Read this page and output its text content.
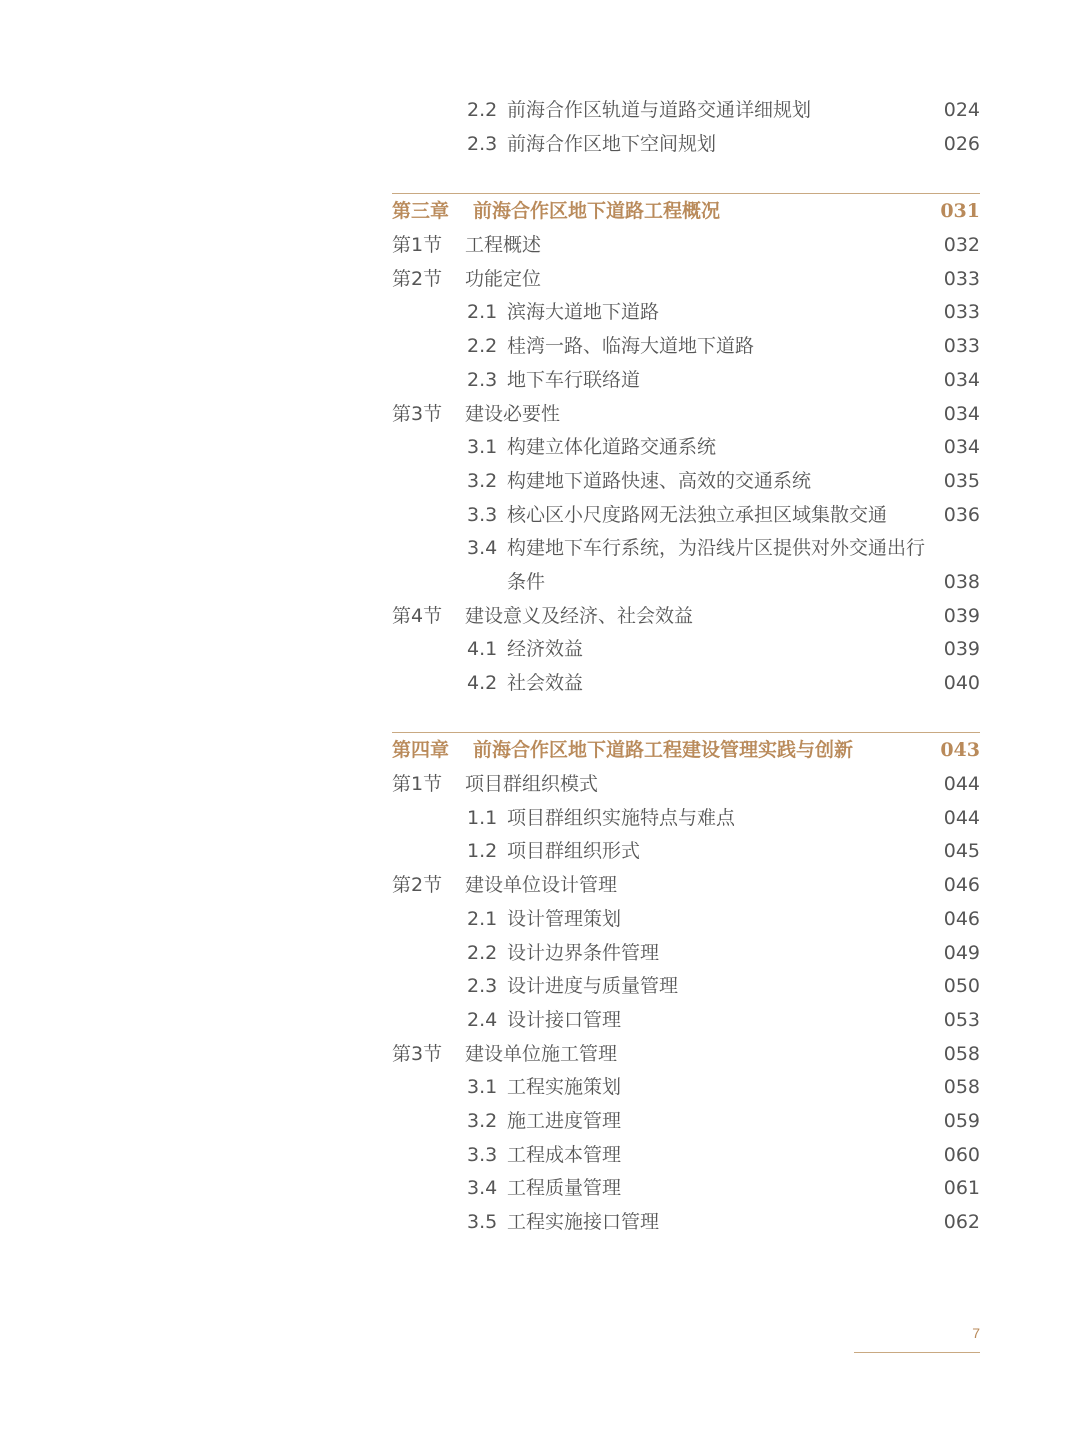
2.2 前海合作区轨道与道路交通详细规划	024
2.3 前海合作区地下空间规划	026
第三章 前海合作区地下道路工程概况	031
第1节 工程概述	032
第2节 功能定位	033
2.1 滨海大道地下道路	033
2.2 桂湾一路、临海大道地下道路	033
2.3 地下车行联络道	034
第3节 建设必要性	034
3.1 构建立体化道路交通系统	034
3.2 构建地下道路快速、高效的交通系统	035
3.3 核心区小尺度路网无法独立承担区域集散交通	036
3.4 构建地下车行系统，为沿线片区提供对外交通出行
条件	038
第4节 建设意义及经济、社会效益	039
4.1 经济效益	039
4.2 社会效益	040
第四章 前海合作区地下道路工程建设管理实践与创新	043
第1节 项目群组织模式	044
1.1 项目群组织实施特点与难点	044
1.2 项目群组织形式	045
第2节 建设单位设计管理	046
2.1 设计管理策划	046
2.2 设计边界条件管理	049
2.3 设计进度与质量管理	050
2.4 设计接口管理	053
第3节 建设单位施工管理	058
3.1 工程实施策划	058
3.2 施工进度管理	059
3.3 工程成本管理	060
3.4 工程质量管理	061
3.5 工程实施接口管理	062
7
